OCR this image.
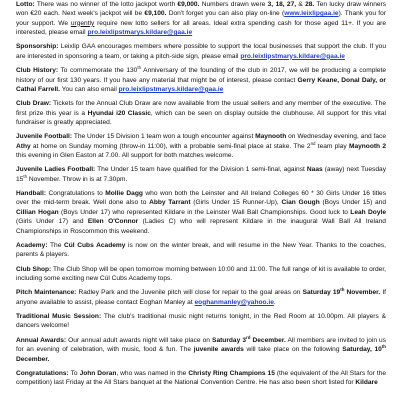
Lotto: There was no winner of the lotto jackpot worth €9,000. Numbers drawn were 3, 18, 27, & 28. Ten lucky draw winners won €20 each. Next week's jackpot will be €9,100. Don't forget you can also play on-line (www.leixlipgaa.ie). Thank you for your support. We urgently require new lotto sellers for all areas. Ideal extra spending cash for those aged 11+. If you are interested, please email pro.leixlipstmarys.kildare@gaa.ie

Sponsorship: Leixlip GAA encourages members where possible to support the local businesses that support the club. If you are interested in sponsoring a team, or taking a pitch-side sign, please email pro.leixlipstmarys.kildare@gaa.ie

Club History: To commemorate the 130th Anniversary of the founding of the club in 2017, we will be producing a complete history of our first 130 years. If you have any material that might be of interest, please contact Gerry Keane, Donal Daly, or Cathal Farrell. You can also email pro.leixlipstmarys.kildare@gaa.ie

Club Draw: Tickets for the Annual Club Draw are now available from the usual sellers and any member of the executive. The first prize this year is a Hyundai i20 Classic, which can be seen on display outside the clubhouse. All support for this vital fundraiser is greatly appreciated.

Juvenile Football: The Under 15 Division 1 team won a tough encounter against Maynooth on Wednesday evening, and face Athy at home on Sunday morning (throw-in 11:00), with a probable semi-final place at stake. The 2nd team play Maynooth 2 this evening in Glen Easton at 7.00. All support for both matches welcome.

Juvenile Ladies Football: The Under 15 team have qualified for the Division 1 semi-final, against Naas (away) next Tuesday 15th November. Throw in is at 7.30pm.

Handball: Congratulations to Mollie Dagg who won both the Leinster and All Ireland Colleges 60 * 30 Girls Under 16 titles over the mid-term break. Well done also to Abby Tarrant (Girls Under 15 Runner-Up), Cian Gough (Boys Under 15) and Cillian Hogan (Boys Under 17) who represented Kildare in the Leinster Wall Ball Championships. Good luck to Leah Doyle (Girls Under 17) and Ellen O'Connor (Ladies C) who will represent Kildare in the inaugural Wall Ball All Ireland Championships in Roscommon this weekend.

Academy: The Cúl Cubs Academy is now on the winter break, and will resume in the New Year. Thanks to the coaches, parents & players.

Club Shop: The Club Shop will be open tomorrow morning between 10:00 and 11:00. The full range of kit is available to order, including some exciting new Cúl Cubs Academy tops.

Pitch Maintenance: Radley Park and the Juvenile pitch will close for repair to the goal areas on Saturday 19th November. If anyone available to assist, please contact Eoghan Manley at eoghanmanley@yahoo.ie.

Traditional Music Session: The club's traditional music night returns tonight, in the Red Room at 10.00pm. All players & dancers welcome!

Annual Awards: Our annual adult awards night will take place on Saturday 3rd December. All members are invited to join us for an evening of celebration, with music, food & fun. The juvenile awards will take place on the following Saturday, 10th December.

Congratulations: To John Doran, who was named in the Christy Ring Champions 15 (the equivalent of the All Stars for the competition) last Friday at the All Stars banquet at the National Convention Centre. He has also been short listed for Kildare
